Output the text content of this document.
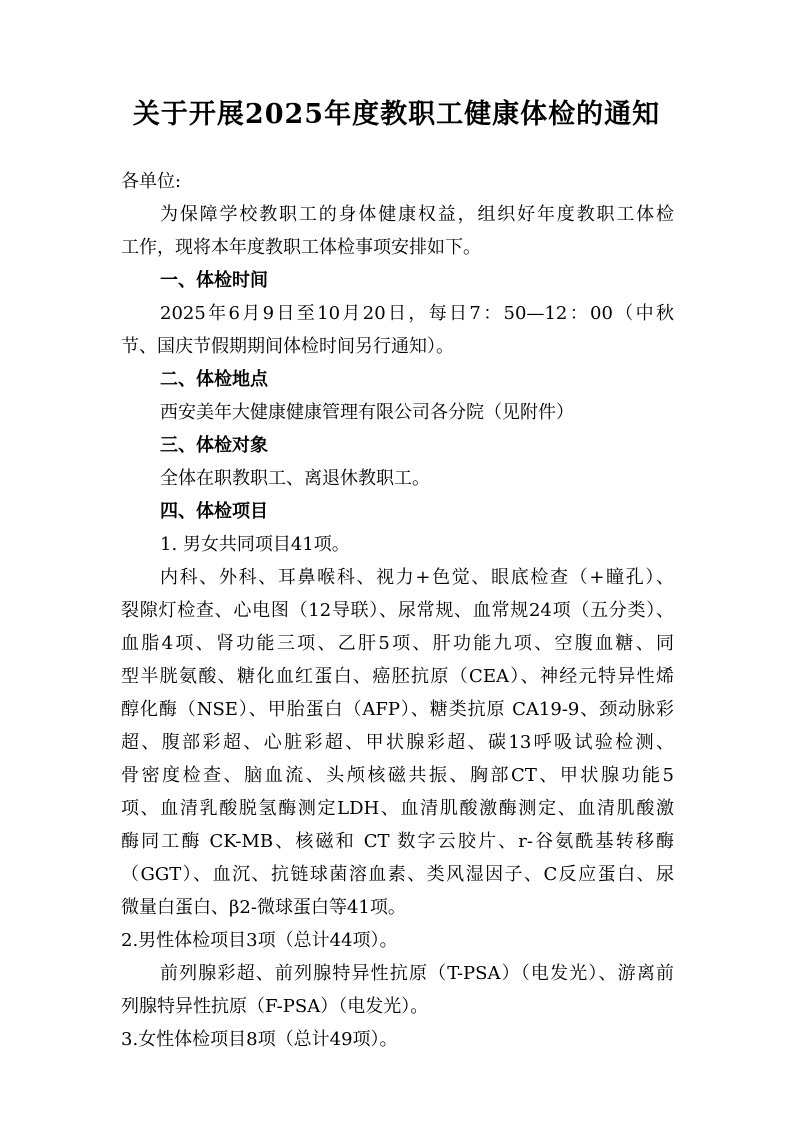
关于开展2025年度教职工健康体检的通知
各单位:
为保障学校教职工的身体健康权益，组织好年度教职工体检
工作，现将本年度教职工体检事项安排如下。
一、体检时间
2025年6月9日至10月20日，每日7：50—12：00（中秋
节、国庆节假期期间体检时间另行通知）。
二、体检地点
西安美年大健康健康管理有限公司各分院（见附件）
三、体检对象
全体在职教职工、离退休教职工。
四、体检项目
1. 男女共同项目41项。
内科、外科、耳鼻喉科、视力+色觉、眼底检查（+瞳孔）、
裂隙灯检查、心电图（12导联）、尿常规、血常规24项（五分类）、
血脂4项、肾功能三项、乙肝5项、肝功能九项、空腹血糖、同
型半胱氨酸、糖化血红蛋白、癌胚抗原（CEA）、神经元特异性烯
醇化酶（NSE）、甲胎蛋白（AFP）、糖类抗原 CA19-9、颈动脉彩
超、腹部彩超、心脏彩超、甲状腺彩超、碳13呼吸试验检测、
骨密度检查、脑血流、头颅核磁共振、胸部CT、甲状腺功能5
项、血清乳酸脱氢酶测定LDH、血清肌酸激酶测定、血清肌酸激
酶同工酶 CK-MB、核磁和 CT 数字云胶片、r-谷氨酰基转移酶
（GGT）、血沉、抗链球菌溶血素、类风湿因子、C反应蛋白、尿
微量白蛋白、β2-微球蛋白等41项。
2.男性体检项目3项（总计44项）。
前列腺彩超、前列腺特异性抗原（T-PSA）（电发光）、游离前
列腺特异性抗原（F-PSA）（电发光）。
3.女性体检项目8项（总计49项）。
